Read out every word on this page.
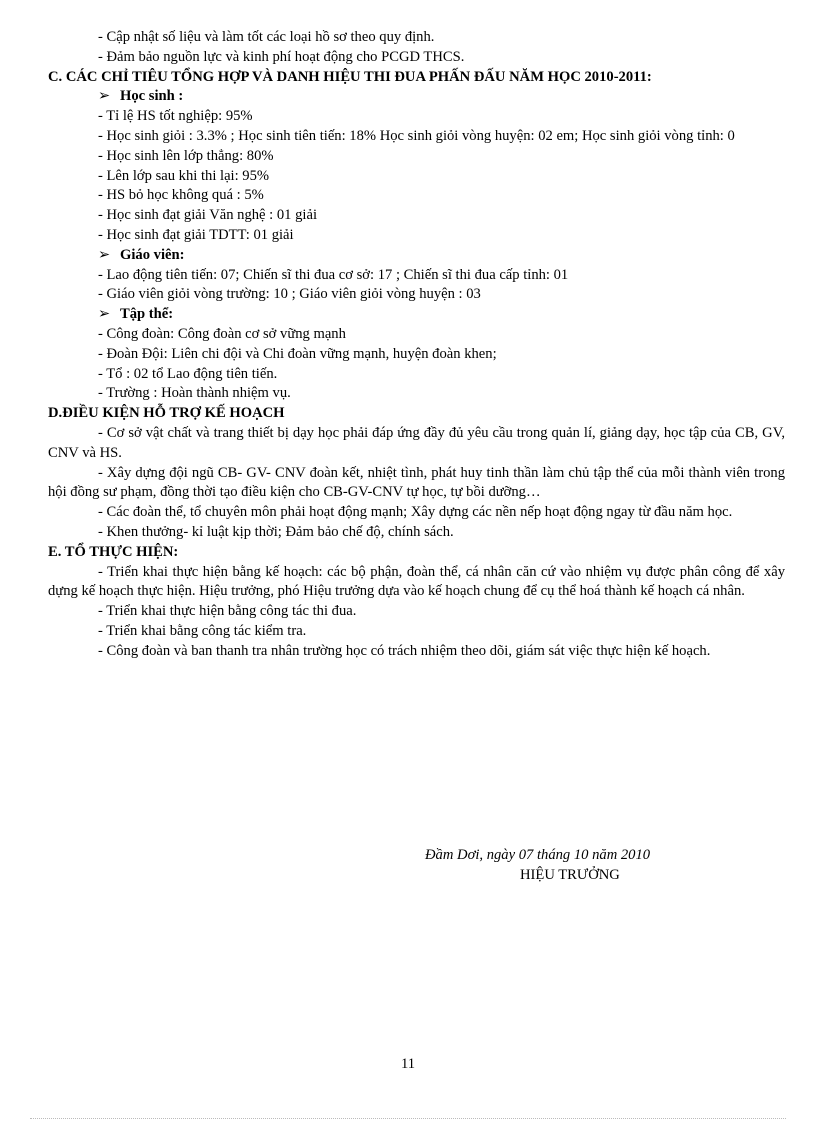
- Cập nhật số liệu và làm tốt các loại hồ sơ theo quy định.

- Đảm bảo nguồn lực và kinh phí hoạt động cho PCGD THCS.

C. CÁC CHỈ TIÊU TỔNG HỢP VÀ DANH HIỆU THI ĐUA PHẤN ĐẤU NĂM HỌC 2010-2011:

➢ Học sinh :

- Tỉ lệ HS tốt nghiệp: 95%

- Học sinh giỏi : 3.3% ; Học sinh tiên tiến: 18% Học sinh giỏi vòng huyện: 02 em; Học sinh giỏi vòng tỉnh: 0

- Học sinh lên lớp thẳng: 80%

- Lên lớp sau khi thi lại: 95%

- HS bỏ học không quá : 5%

- Học sinh đạt giải Văn nghệ : 01 giải

- Học sinh đạt giải TDTT: 01 giải

➢ Giáo viên:

- Lao động tiên tiến: 07; Chiến sĩ thi đua cơ sở: 17 ; Chiến sĩ thi đua cấp tỉnh: 01

- Giáo viên giỏi vòng trường: 10 ; Giáo viên giỏi vòng huyện : 03

➢ Tập thể:

- Công đoàn: Công đoàn cơ sở vững mạnh

- Đoàn Đội: Liên chi đội và Chi đoàn vững mạnh, huyện đoàn khen;

- Tổ : 02 tổ Lao động tiên tiến.

- Trường : Hoàn thành nhiệm vụ.

D.ĐIỀU KIỆN HỖ TRỢ KẾ HOẠCH

- Cơ sở vật chất và trang thiết bị dạy học phải đáp ứng đầy đủ yêu cầu trong quản lí, giảng dạy, học tập của CB, GV, CNV và HS.

- Xây dựng đội ngũ CB- GV- CNV đoàn kết, nhiệt tình, phát huy tinh thần làm chủ tập thể của mỗi thành viên trong hội đồng sư phạm, đồng thời tạo điều kiện cho CB-GV-CNV tự học, tự bồi dưỡng…

- Các đoàn thể, tổ chuyên môn phải hoạt động mạnh; Xây dựng các nền nếp hoạt động ngay từ đầu năm học.

- Khen thưởng- kỉ luật kịp thời; Đảm bảo chế độ, chính sách.

E. TỔ THỰC HIỆN:

- Triển khai thực hiện bằng kế hoạch: các bộ phận, đoàn thể, cá nhân căn cứ vào nhiệm vụ được phân công để xây dựng kế hoạch thực hiện. Hiệu trưởng, phó Hiệu trưởng dựa vào kế hoạch chung để cụ thể hoá thành kế hoạch cá nhân.

- Triển khai thực hiện bằng công tác thi đua.

- Triển khai bằng công tác kiểm tra.

- Công đoàn và ban thanh tra nhân trường học có trách nhiệm theo dõi, giám sát việc thực hiện kế hoạch.

Đầm Dơi, ngày 07 tháng 10 năm 2010
HIỆU TRƯỞNG
11
